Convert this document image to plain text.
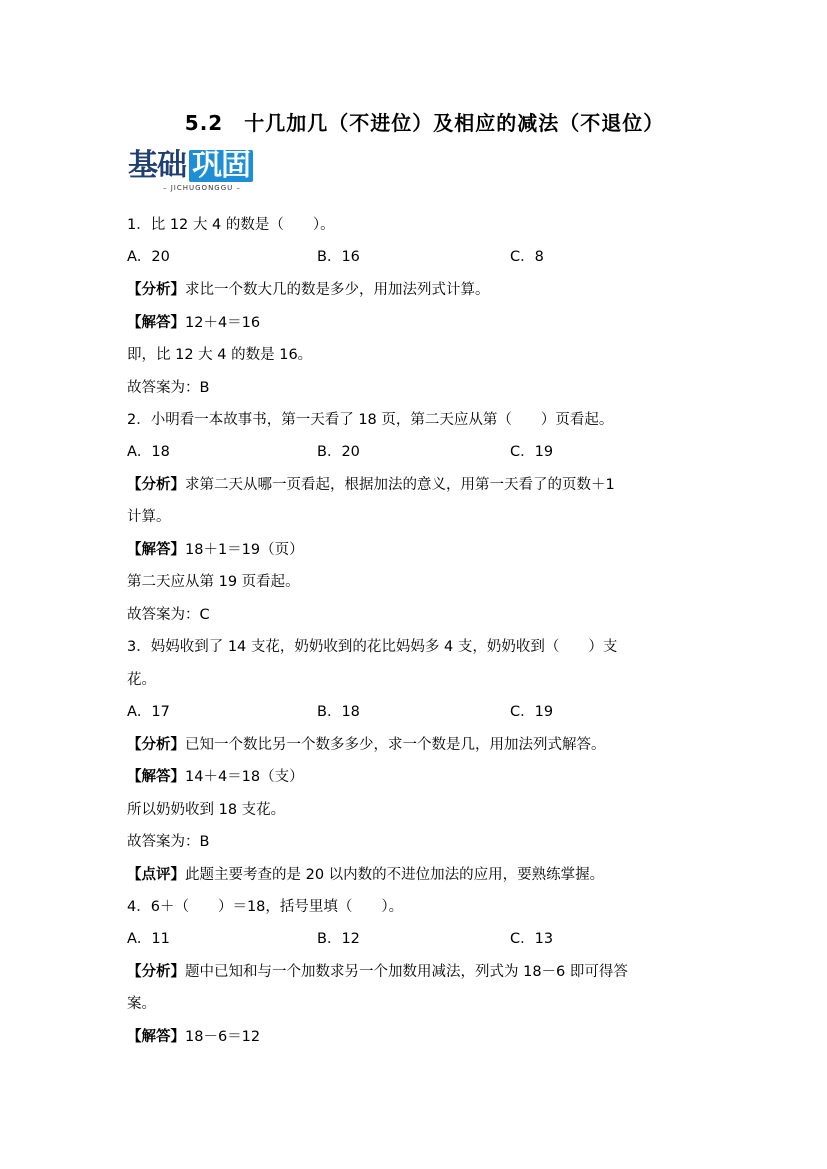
5.2　十几加几（不进位）及相应的减法（不退位）
基础 巩固
– JICHUGONGGU –
1．比 12 大 4 的数是（　　）。
A．20	B．16	C．8
【分析】求比一个数大几的数是多少，用加法列式计算。
【解答】12＋4＝16
即，比 12 大 4 的数是 16。
故答案为：B
2．小明看一本故事书，第一天看了 18 页，第二天应从第（　　）页看起。
A．18	B．20	C．19
【分析】求第二天从哪一页看起，根据加法的意义，用第一天看了的页数＋1
计算。
【解答】18＋1＝19（页）
第二天应从第 19 页看起。
故答案为：C
3．妈妈收到了 14 支花，奶奶收到的花比妈妈多 4 支，奶奶收到（　　）支
花。
A．17	B．18	C．19
【分析】已知一个数比另一个数多多少，求一个数是几，用加法列式解答。
【解答】14＋4＝18（支）
所以奶奶收到 18 支花。
故答案为：B
【点评】此题主要考查的是 20 以内数的不进位加法的应用，要熟练掌握。
4．6＋（　　）＝18，括号里填（　　）。
A．11	B．12	C．13
【分析】题中已知和与一个加数求另一个加数用减法，列式为 18－6 即可得答
案。
【解答】18－6＝12
